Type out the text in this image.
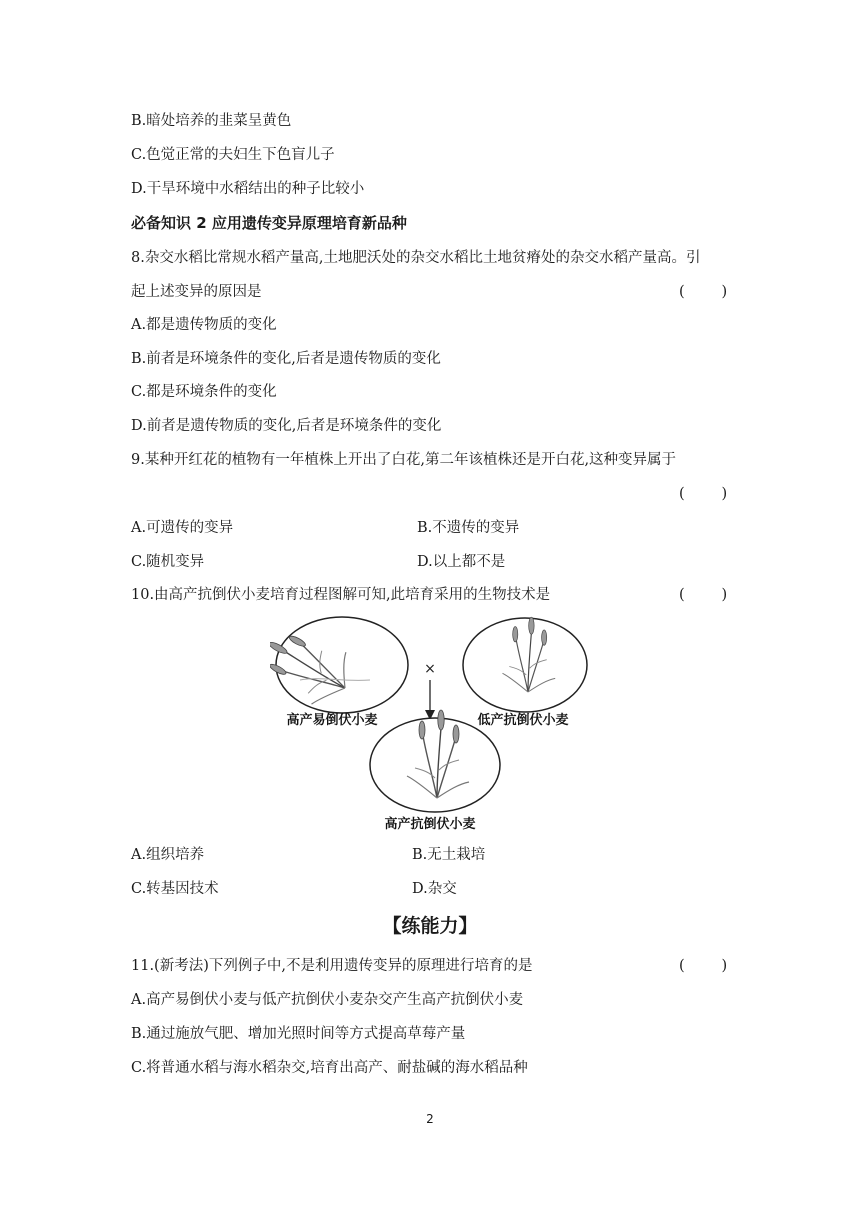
B.暗处培养的韭菜呈黄色
C.色觉正常的夫妇生下色盲儿子
D.干旱环境中水稻结出的种子比较小
必备知识 2 应用遗传变异原理培育新品种
8.杂交水稻比常规水稻产量高,土地肥沃处的杂交水稻比土地贫瘠处的杂交水稻产量高。引
起上述变异的原因是	(        )
A.都是遗传物质的变化
B.前者是环境条件的变化,后者是遗传物质的变化
C.都是环境条件的变化
D.前者是遗传物质的变化,后者是环境条件的变化
9.某种开红花的植物有一年植株上开出了白花,第二年该植株还是开白花,这种变异属于
(        )
A.可遗传的变异	B.不遗传的变异
C.随机变异	D.以上都不是
10.由高产抗倒伏小麦培育过程图解可知,此培育采用的生物技术是	(        )
×
高产易倒伏小麦	低产抗倒伏小麦
高产抗倒伏小麦
A.组织培养	B.无土栽培
C.转基因技术	D.杂交
【练能力】
11.(新考法)下列例子中,不是利用遗传变异的原理进行培育的是	(        )
A.高产易倒伏小麦与低产抗倒伏小麦杂交产生高产抗倒伏小麦
B.通过施放气肥、增加光照时间等方式提高草莓产量
C.将普通水稻与海水稻杂交,培育出高产、耐盐碱的海水稻品种
2
